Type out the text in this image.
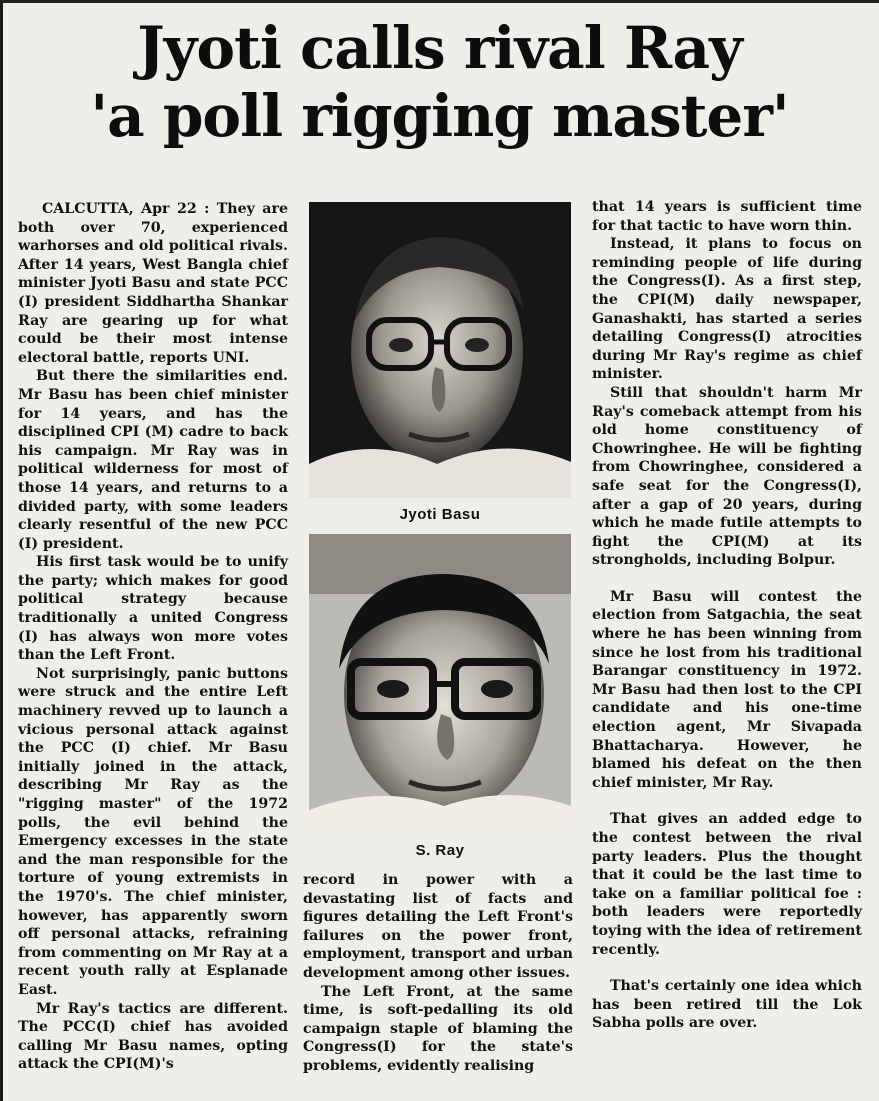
Jyoti calls rival Ray
'a poll rigging master'

CALCUTTA, Apr 22 : They are both over 70, experienced warhorses and old political rivals. After 14 years, West Bangla chief minister Jyoti Basu and state PCC (I) president Siddhartha Shankar Ray are gearing up for what could be their most intense electoral battle, reports UNI.

But there the similarities end. Mr Basu has been chief minister for 14 years, and has the disciplined CPI (M) cadre to back his campaign. Mr Ray was in political wilderness for most of those 14 years, and returns to a divided party, with some leaders clearly resentful of the new PCC (I) president.

His first task would be to unify the party; which makes for good political strategy because traditionally a united Congress (I) has always won more votes than the Left Front.

Not surprisingly, panic buttons were struck and the entire Left machinery revved up to launch a vicious personal attack against the PCC (I) chief. Mr Basu initially joined in the attack, describing Mr Ray as the "rigging master" of the 1972 polls, the evil behind the Emergency excesses in the state and the man responsible for the torture of young extremists in the 1970's. The chief minister, however, has apparently sworn off personal attacks, refraining from commenting on Mr Ray at a recent youth rally at Esplanade East.

Mr Ray's tactics are different. The PCC(I) chief has avoided calling Mr Basu names, opting attack the CPI(M)'s

Jyoti Basu
S. Ray

record in power with a devastating list of facts and figures detailing the Left Front's failures on the power front, employment, transport and urban development among other issues.

The Left Front, at the same time, is soft-pedalling its old campaign staple of blaming the Congress(I) for the state's problems, evidently realising

that 14 years is sufficient time for that tactic to have worn thin.

Instead, it plans to focus on reminding people of life during the Congress(I). As a first step, the CPI(M) daily newspaper, Ganashakti, has started a series detailing Congress(I) atrocities during Mr Ray's regime as chief minister.

Still that shouldn't harm Mr Ray's comeback attempt from his old home constituency of Chowringhee. He will be fighting from Chowringhee, considered a safe seat for the Congress(I), after a gap of 20 years, during which he made futile attempts to fight the CPI(M) at its strongholds, including Bolpur.

Mr Basu will contest the election from Satgachia, the seat where he has been winning from since he lost from his traditional Barangar constituency in 1972. Mr Basu had then lost to the CPI candidate and his one-time election agent, Mr Sivapada Bhattacharya. However, he blamed his defeat on the then chief minister, Mr Ray.

That gives an added edge to the contest between the rival party leaders. Plus the thought that it could be the last time to take on a familiar political foe : both leaders were reportedly toying with the idea of retirement recently.

That's certainly one idea which has been retired till the Lok Sabha polls are over.
